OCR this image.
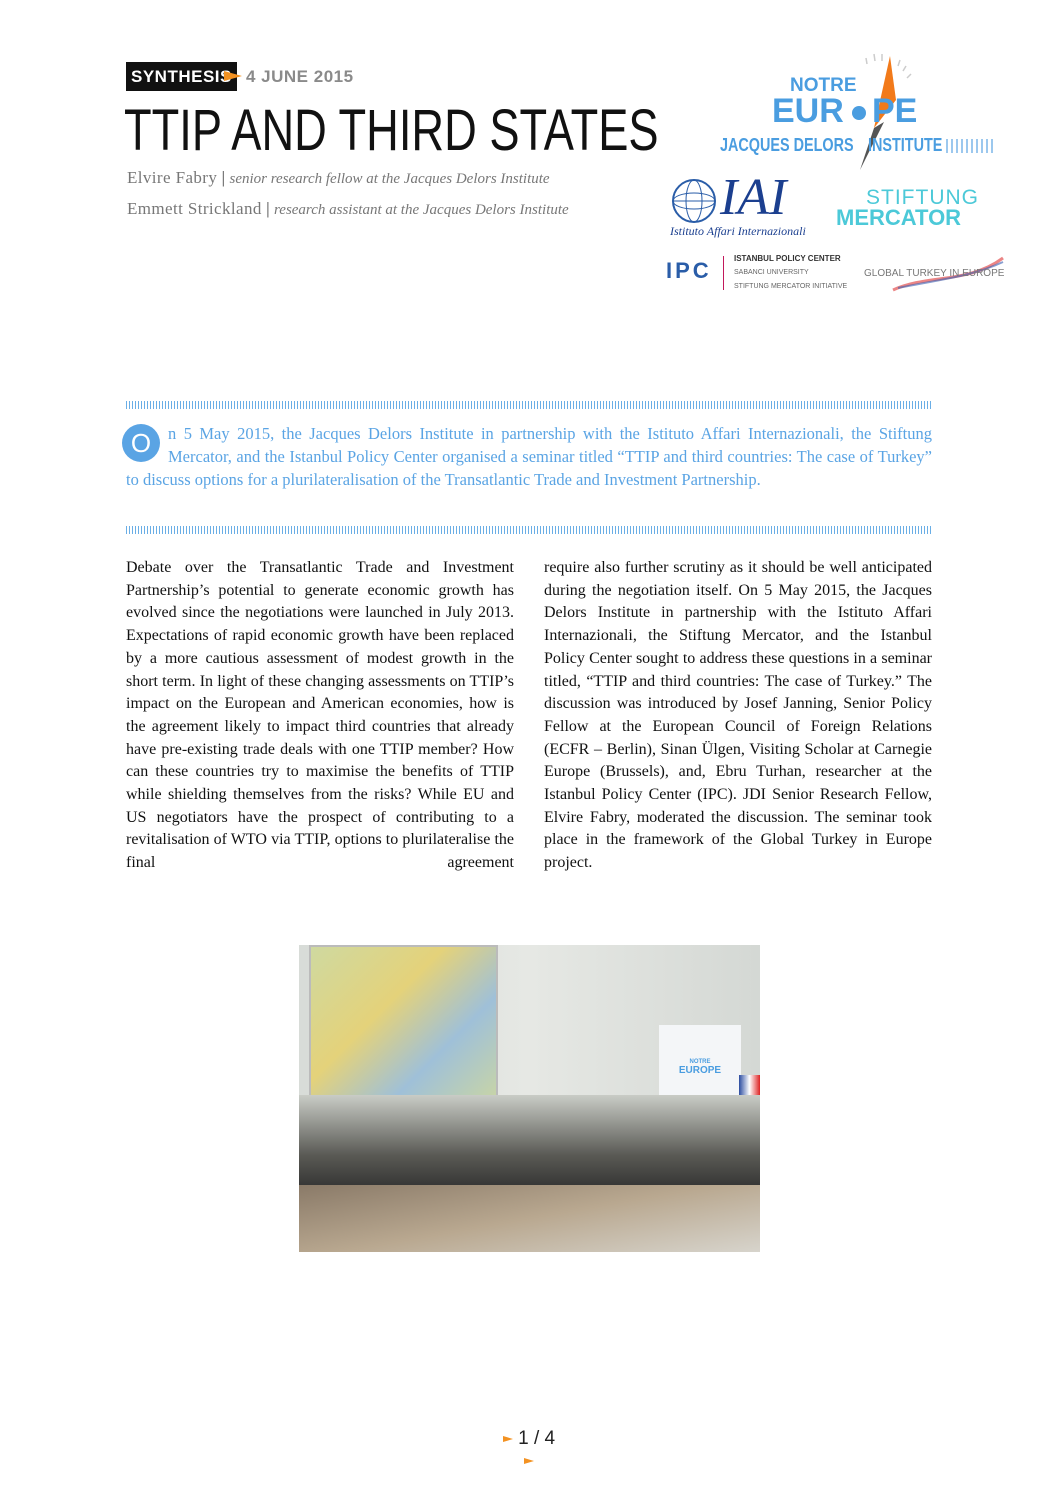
SYNTHESIS 4 JUNE 2015
TTIP AND THIRD STATES
Elvire Fabry | senior research fellow at the Jacques Delors Institute
Emmett Strickland | research assistant at the Jacques Delors Institute
NOTRE
EUR PE
JACQUES DELORS INSTITUTE
IAI
Istituto Affari Internazionali
STIFTUNG
MERCATOR
IPC	ISTANBUL POLICY CENTER
SABANCI UNIVERSITY
STIFTUNG MERCATOR INITIATIVE
GLOBAL TURKEY IN EUROPE
O	n 5 May 2015, the Jacques Delors Institute in partnership with the Istituto Affari Internazionali, the Stiftung Mercator, and the Istanbul Policy Center organised a seminar titled “TTIP and third countries: The case of Turkey” to discuss options for a plurilateralisation of the Transatlantic Trade and Investment Partnership.
Debate over the Transatlantic Trade and Investment Partnership’s potential to generate economic growth has evolved since the negotiations were launched in July 2013. Expectations of rapid economic growth have been replaced by a more cautious assessment of modest growth in the short term. In light of these changing assessments on TTIP’s impact on the European and American economies, how is the agreement likely to impact third countries that already have pre-existing trade deals with one TTIP member? How can these countries try to maximise the benefits of TTIP while shielding themselves from the risks? While EU and US negotiators have the prospect of contributing to a revitalisation of WTO via TTIP, options to plurilateralise the final agreement
require also further scrutiny as it should be well anticipated during the negotiation itself. On 5 May 2015, the Jacques Delors Institute in partnership with the Istituto Affari Internazionali, the Stiftung Mercator, and the Istanbul Policy Center sought to address these questions in a seminar titled, “TTIP and third countries: The case of Turkey.” The discussion was introduced by Josef Janning, Senior Policy Fellow at the European Council of Foreign Relations (ECFR – Berlin), Sinan Ülgen, Visiting Scholar at Carnegie Europe (Brussels), and, Ebru Turhan, researcher at the Istanbul Policy Center (IPC). JDI Senior Research Fellow, Elvire Fabry, moderated the discussion. The seminar took place in the framework of the Global Turkey in Europe project.
NOTRE
EUROPE
1 / 4
